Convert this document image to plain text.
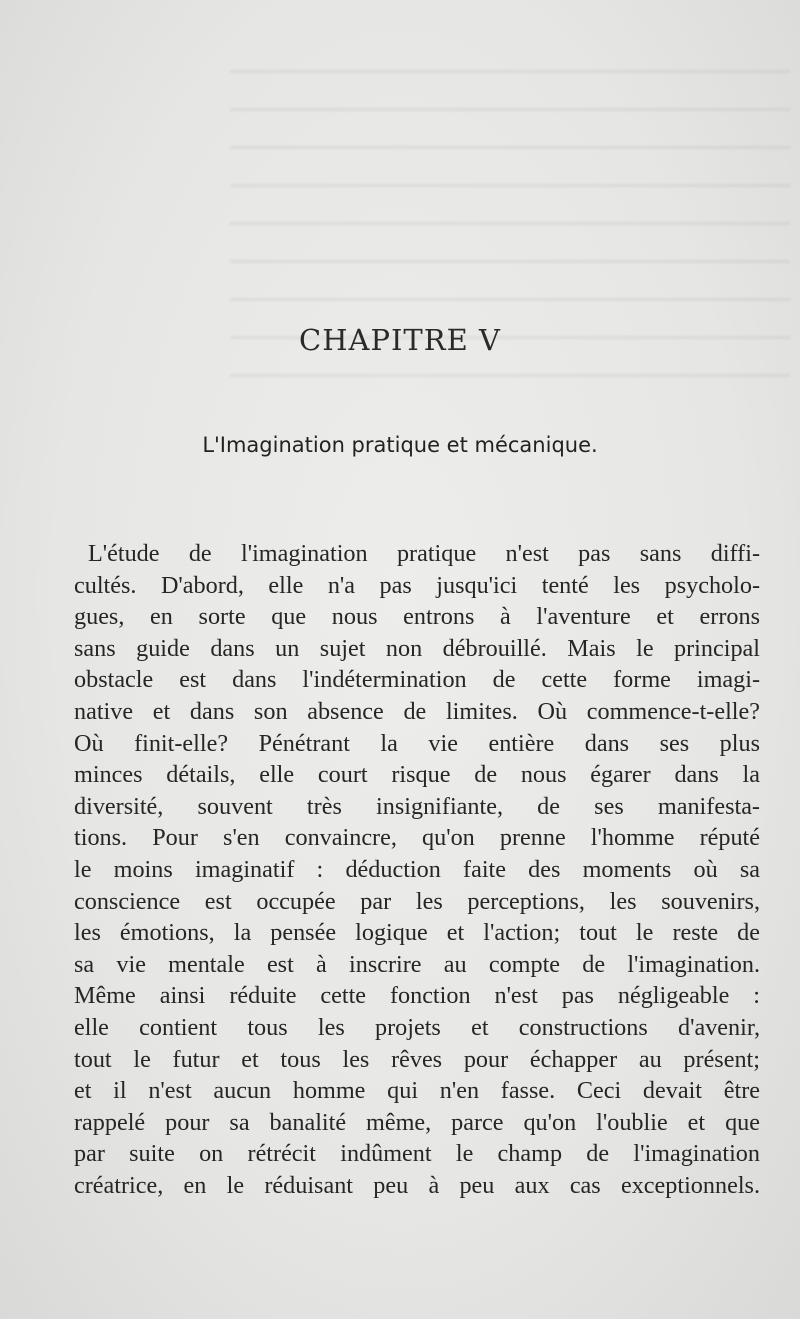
CHAPITRE V
L'Imagination pratique et mécanique.
L'étude de l'imagination pratique n'est pas sans diffi-
cultés. D'abord, elle n'a pas jusqu'ici tenté les psycholo-
gues, en sorte que nous entrons à l'aventure et errons
sans guide dans un sujet non débrouillé. Mais le principal
obstacle est dans l'indétermination de cette forme imagi-
native et dans son absence de limites. Où commence-t-elle?
Où finit-elle? Pénétrant la vie entière dans ses plus
minces détails, elle court risque de nous égarer dans la
diversité, souvent très insignifiante, de ses manifesta-
tions. Pour s'en convaincre, qu'on prenne l'homme réputé
le moins imaginatif : déduction faite des moments où sa
conscience est occupée par les perceptions, les souvenirs,
les émotions, la pensée logique et l'action; tout le reste de
sa vie mentale est à inscrire au compte de l'imagination.
Même ainsi réduite cette fonction n'est pas négligeable :
elle contient tous les projets et constructions d'avenir,
tout le futur et tous les rêves pour échapper au présent;
et il n'est aucun homme qui n'en fasse. Ceci devait être
rappelé pour sa banalité même, parce qu'on l'oublie et que
par suite on rétrécit indûment le champ de l'imagination
créatrice, en le réduisant peu à peu aux cas exceptionnels.
